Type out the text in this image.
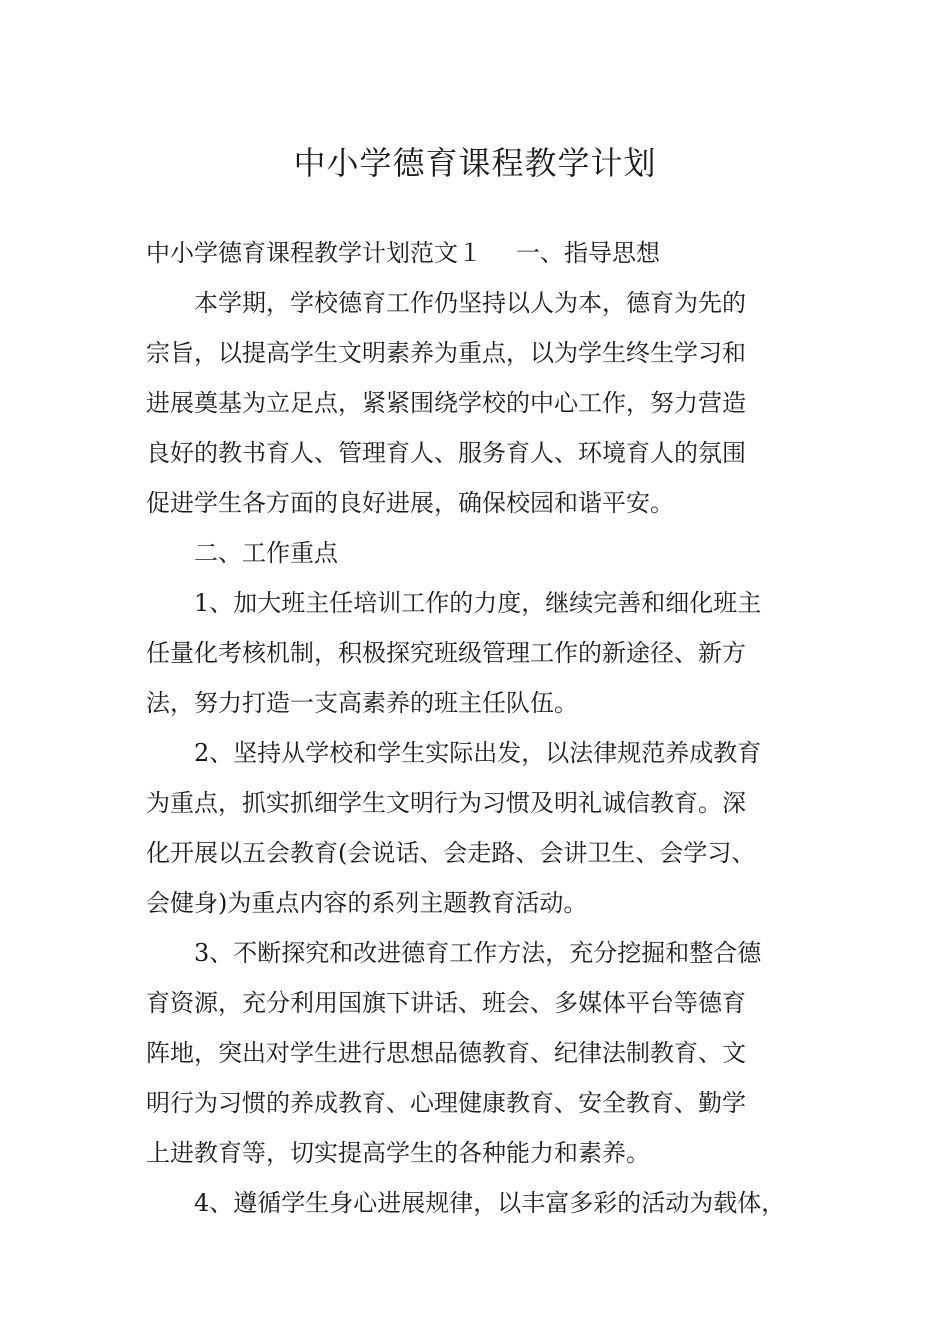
中小学德育课程教学计划
中小学德育课程教学计划范文１ 一、指导思想
本学期，学校德育工作仍坚持以人为本，德育为先的
宗旨，以提高学生文明素养为重点，以为学生终生学习和
进展奠基为立足点，紧紧围绕学校的中心工作，努力营造
良好的教书育人、管理育人、服务育人、环境育人的氛围
促进学生各方面的良好进展，确保校园和谐平安。
二、工作重点
1、加大班主任培训工作的力度，继续完善和细化班主
任量化考核机制，积极探究班级管理工作的新途径、新方
法，努力打造一支高素养的班主任队伍。
2、坚持从学校和学生实际出发，以法律规范养成教育
为重点，抓实抓细学生文明行为习惯及明礼诚信教育。深
化开展以五会教育(会说话、会走路、会讲卫生、会学习、
会健身)为重点内容的系列主题教育活动。
3、不断探究和改进德育工作方法，充分挖掘和整合德
育资源，充分利用国旗下讲话、班会、多媒体平台等德育
阵地，突出对学生进行思想品德教育、纪律法制教育、文
明行为习惯的养成教育、心理健康教育、安全教育、勤学
上进教育等，切实提高学生的各种能力和素养。
4、遵循学生身心进展规律，以丰富多彩的活动为载体，
